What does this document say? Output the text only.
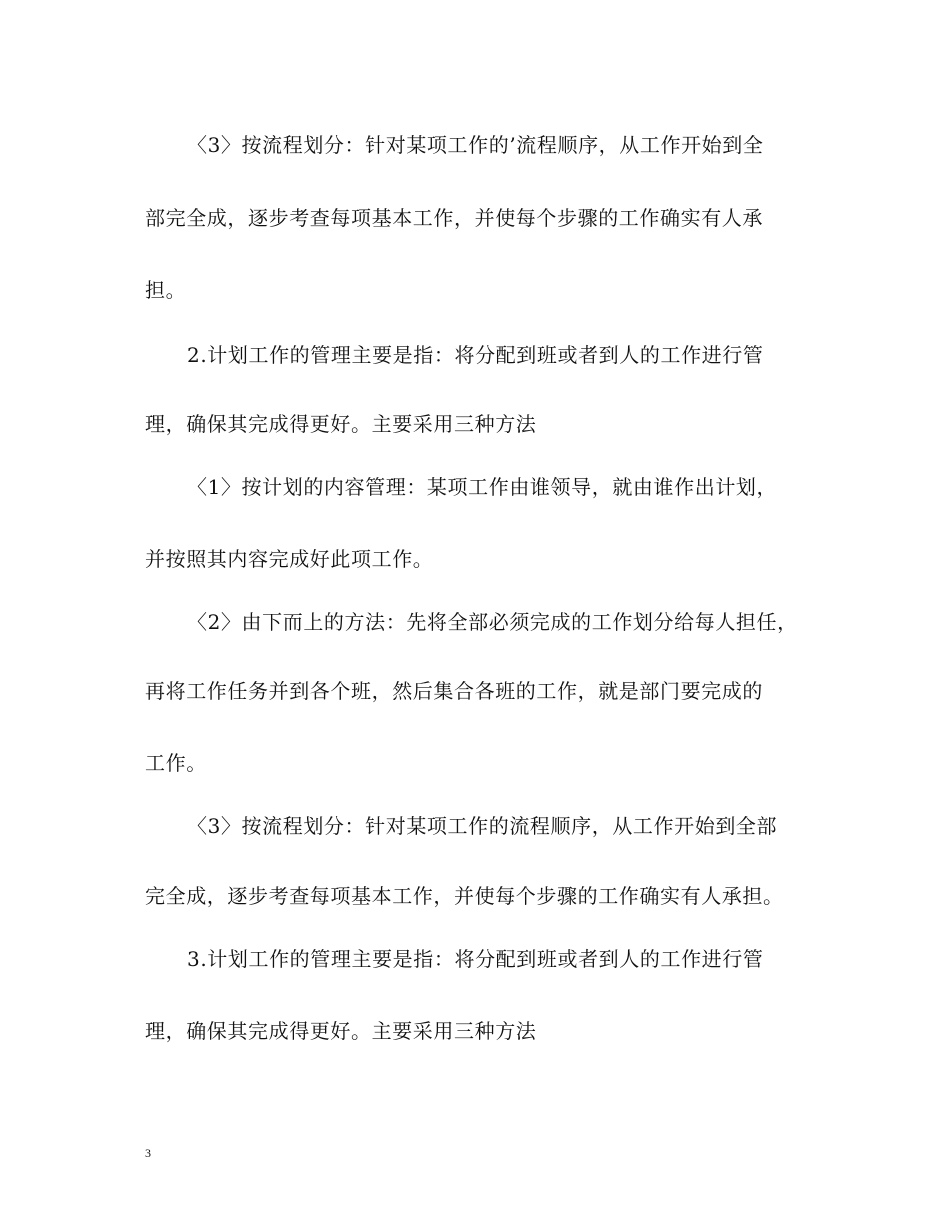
〈3〉按流程划分：针对某项工作的’流程顺序，从工作开始到全
部完全成，逐步考查每项基本工作，并使每个步骤的工作确实有人承
担。
2.计划工作的管理主要是指：将分配到班或者到人的工作进行管
理，确保其完成得更好。主要采用三种方法
〈1〉按计划的内容管理：某项工作由谁领导，就由谁作出计划，
并按照其内容完成好此项工作。
〈2〉由下而上的方法：先将全部必须完成的工作划分给每人担任，
再将工作任务并到各个班，然后集合各班的工作，就是部门要完成的
工作。
〈3〉按流程划分：针对某项工作的流程顺序，从工作开始到全部
完全成，逐步考查每项基本工作，并使每个步骤的工作确实有人承担。
3.计划工作的管理主要是指：将分配到班或者到人的工作进行管
理，确保其完成得更好。主要采用三种方法
3
